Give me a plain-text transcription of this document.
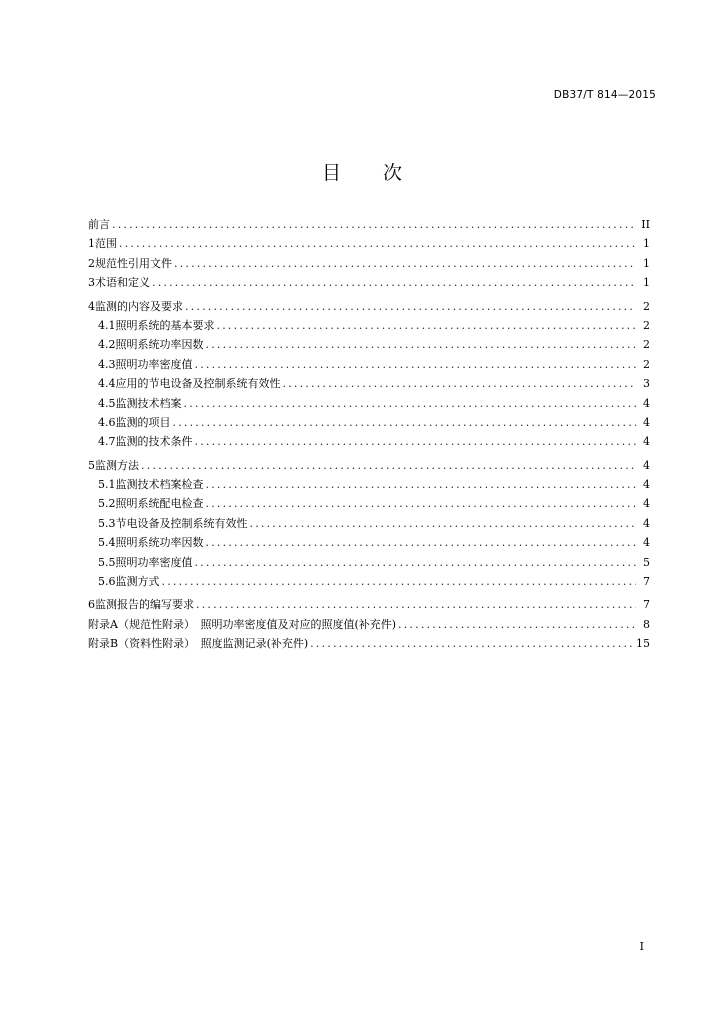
DB37/T 814—2015
目 次
前言 .....	II
1 范围 .....	1
2 规范性引用文件 .....	1
3 术语和定义 .....	1
4 监测的内容及要求 .....	2
4.1 照明系统的基本要求 .....	2
4.2 照明系统功率因数 .....	2
4.3 照明功率密度值 .....	2
4.4 应用的节电设备及控制系统有效性 .....	3
4.5 监测技术档案 .....	4
4.6 监测的项目 .....	4
4.7 监测的技术条件 .....	4
5 监测方法 .....	4
5.1 监测技术档案检查 .....	4
5.2 照明系统配电检查 .....	4
5.3 节电设备及控制系统有效性 .....	4
5.4 照明系统功率因数 .....	4
5.5 照明功率密度值 .....	5
5.6 监测方式 .....	7
6 监测报告的编写要求 .....	7
附录A（规范性附录）　照明功率密度值及对应的照度值(补充件) .....	8
附录B（资料性附录）　照度监测记录(补充件) .....	15
I
